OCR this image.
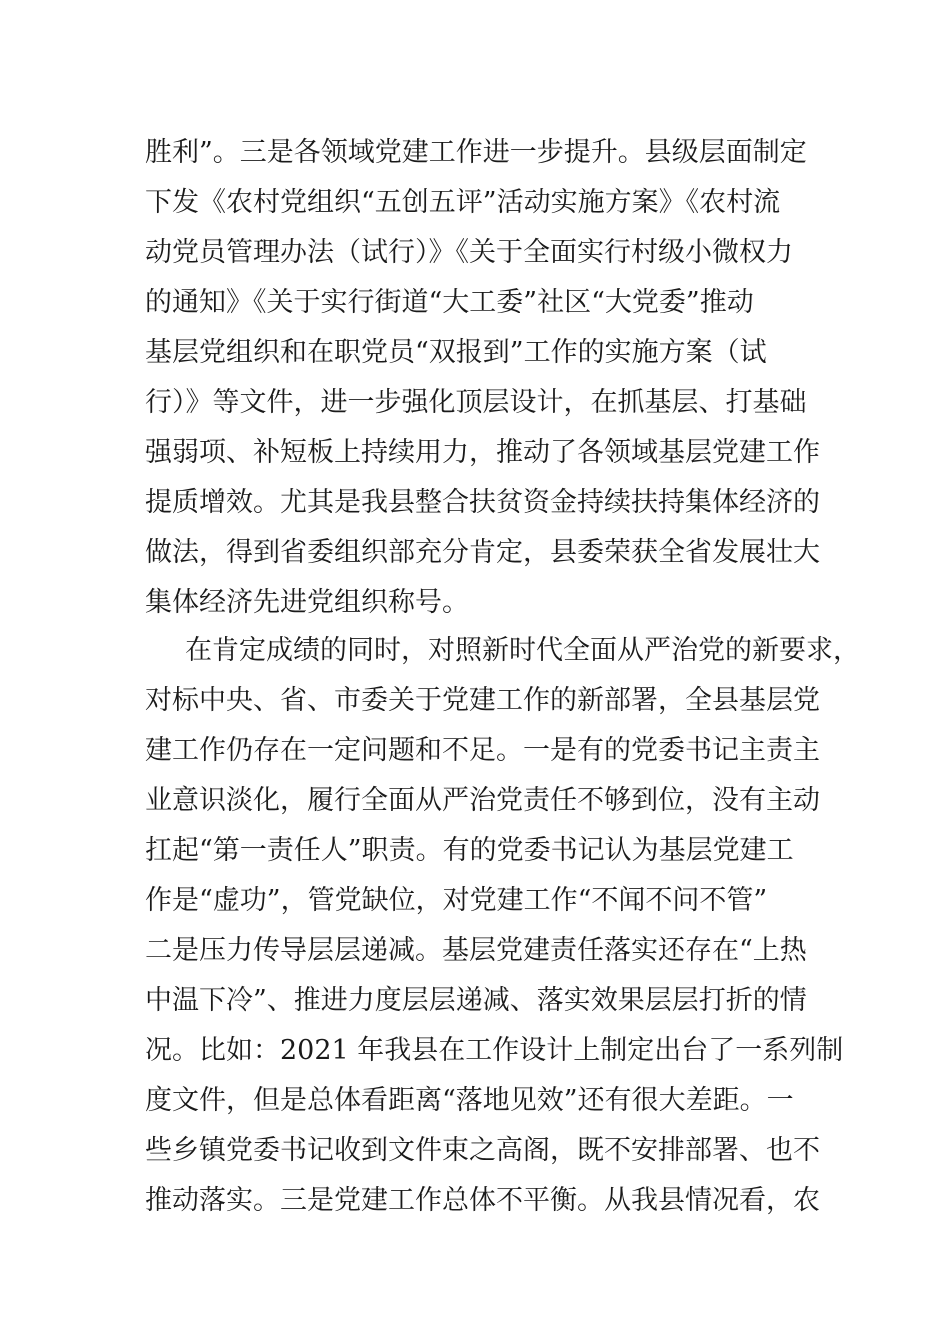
胜利”。三是各领域党建工作进一步提升。县级层面制定
下发《农村党组织“五创五评”活动实施方案》《农村流
动党员管理办法（试行）》《关于全面实行村级小微权力
的通知》《关于实行街道“大工委”社区“大党委”推动
基层党组织和在职党员“双报到”工作的实施方案（试
行）》等文件，进一步强化顶层设计，在抓基层、打基础
强弱项、补短板上持续用力，推动了各领域基层党建工作
提质增效。尤其是我县整合扶贫资金持续扶持集体经济的
做法，得到省委组织部充分肯定，县委荣获全省发展壮大
集体经济先进党组织称号。
在肯定成绩的同时，对照新时代全面从严治党的新要求，
对标中央、省、市委关于党建工作的新部署，全县基层党
建工作仍存在一定问题和不足。一是有的党委书记主责主
业意识淡化，履行全面从严治党责任不够到位，没有主动
扛起“第一责任人”职责。有的党委书记认为基层党建工
作是“虚功”，管党缺位，对党建工作“不闻不问不管”
二是压力传导层层递减。基层党建责任落实还存在“上热
中温下冷”、推进力度层层递减、落实效果层层打折的情
况。比如：2021 年我县在工作设计上制定出台了一系列制
度文件，但是总体看距离“落地见效”还有很大差距。一
些乡镇党委书记收到文件束之高阁，既不安排部署、也不
推动落实。三是党建工作总体不平衡。从我县情况看，农
